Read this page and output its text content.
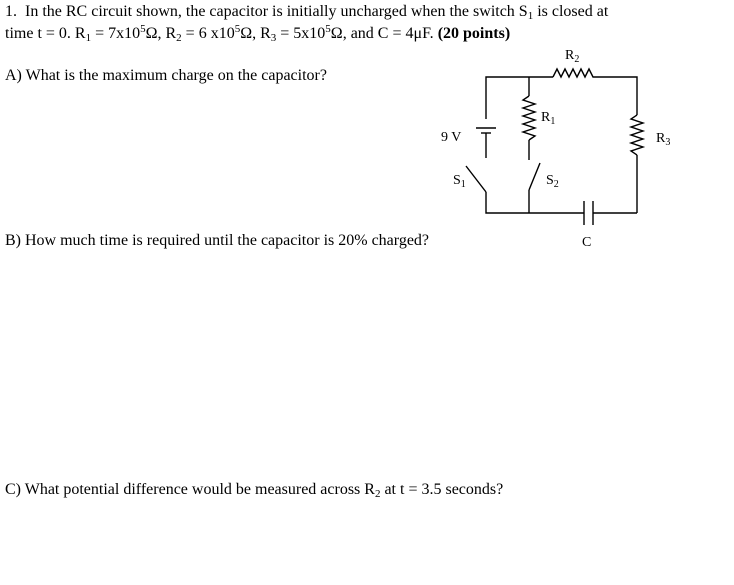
1. In the RC circuit shown, the capacitor is initially uncharged when the switch $S_1$ is closed at
time t = 0. $R_1 = 7x10^5\Omega$, $R_2 = 6$ $x10^5\Omega$, $R_3 = 5x10^5\Omega$, and C = 4μF. (20 points)
A) What is the maximum charge on the capacitor?
B) How much time is required until the capacitor is 20% charged?
C) What potential difference would be measured across $R_2$ at t = 3.5 seconds?
$R_2$
$R_1$
$R_3$
9 V
$S_1$	$S_2$
C
